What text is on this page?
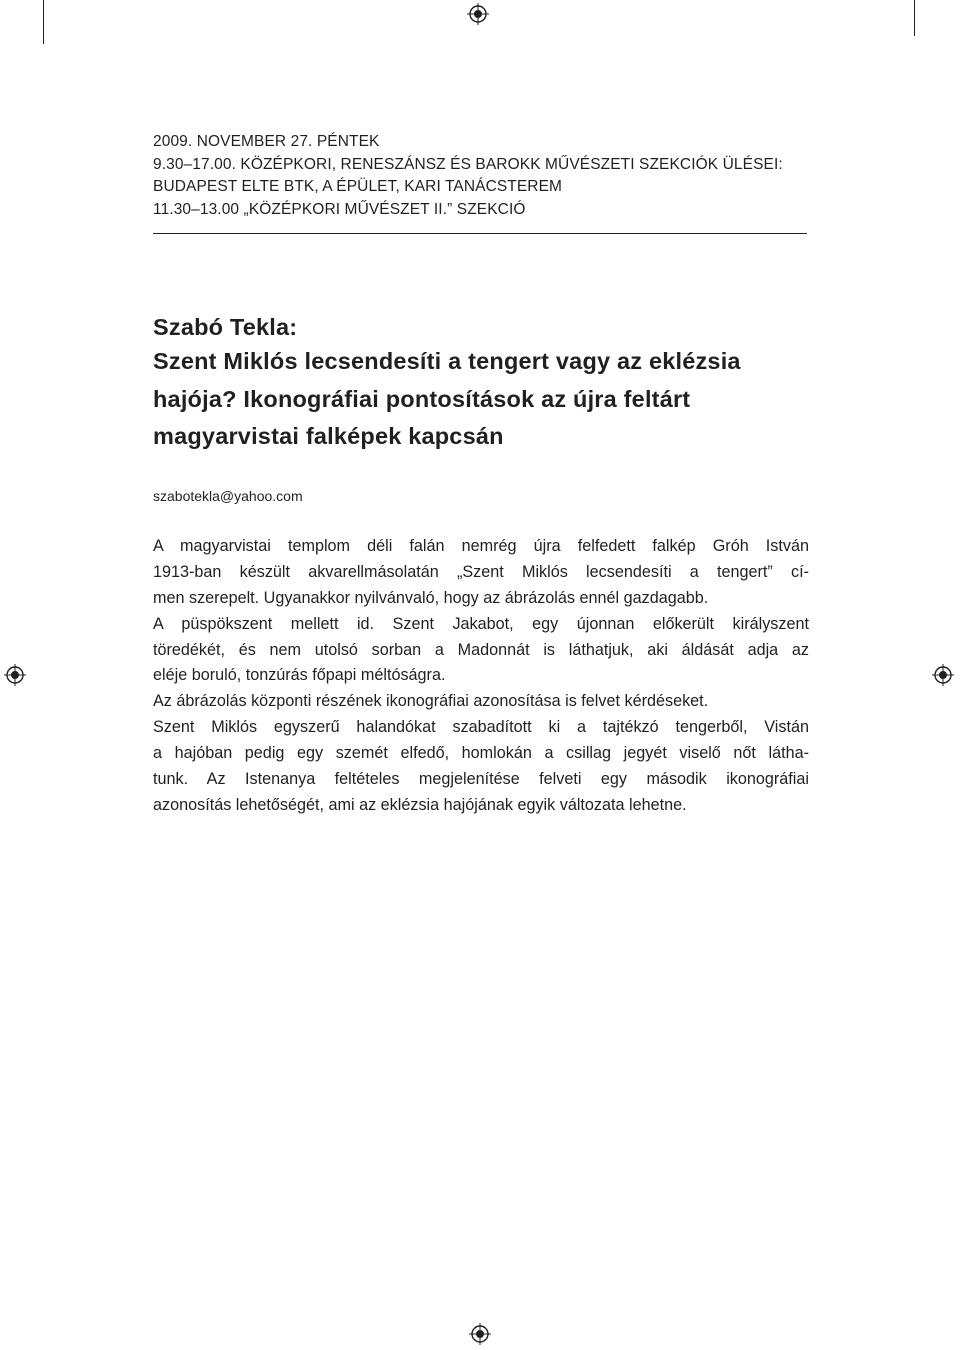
2009. NOVEMBER 27. PÉNTEK
9.30–17.00. KÖZÉPKORI, RENESZÁNSZ ÉS BAROKK MŰVÉSZETI SZEKCIÓK ÜLÉSEI:
BUDAPEST ELTE BTK, A ÉPÜLET, KARI TANÁCSTEREM
11.30–13.00 „KÖZÉPKORI MŰVÉSZET II.” SZEKCIÓ
Szabó Tekla:
Szent Miklós lecsendesíti a tengert vagy az eklézsia
hajója? Ikonográfiai pontosítások az újra feltárt
magyarvistai falképek kapcsán
szabotekla@yahoo.com
A magyarvistai templom déli falán nemrég újra felfedett falkép Gróh István
1913-ban készült akvarellmásolatán „Szent Miklós lecsendesíti a tengert” cí-
men szerepelt. Ugyanakkor nyilvánvaló, hogy az ábrázolás ennél gazdagabb.
A püspökszent mellett id. Szent Jakabot, egy újonnan előkerült királyszent
töredékét, és nem utolsó sorban a Madonnát is láthatjuk, aki áldását adja az
eléje boruló, tonzúrás főpapi méltóságra.
Az ábrázolás központi részének ikonográfiai azonosítása is felvet kérdéseket.
Szent Miklós egyszerű halandókat szabadított ki a tajtékzó tengerből, Vistán
a hajóban pedig egy szemét elfedő, homlokán a csillag jegyét viselő nőt látha-
tunk. Az Istenanya feltételes megjelenítése felveti egy második ikonográfiai
azonosítás lehetőségét, ami az eklézsia hajójának egyik változata lehetne.
